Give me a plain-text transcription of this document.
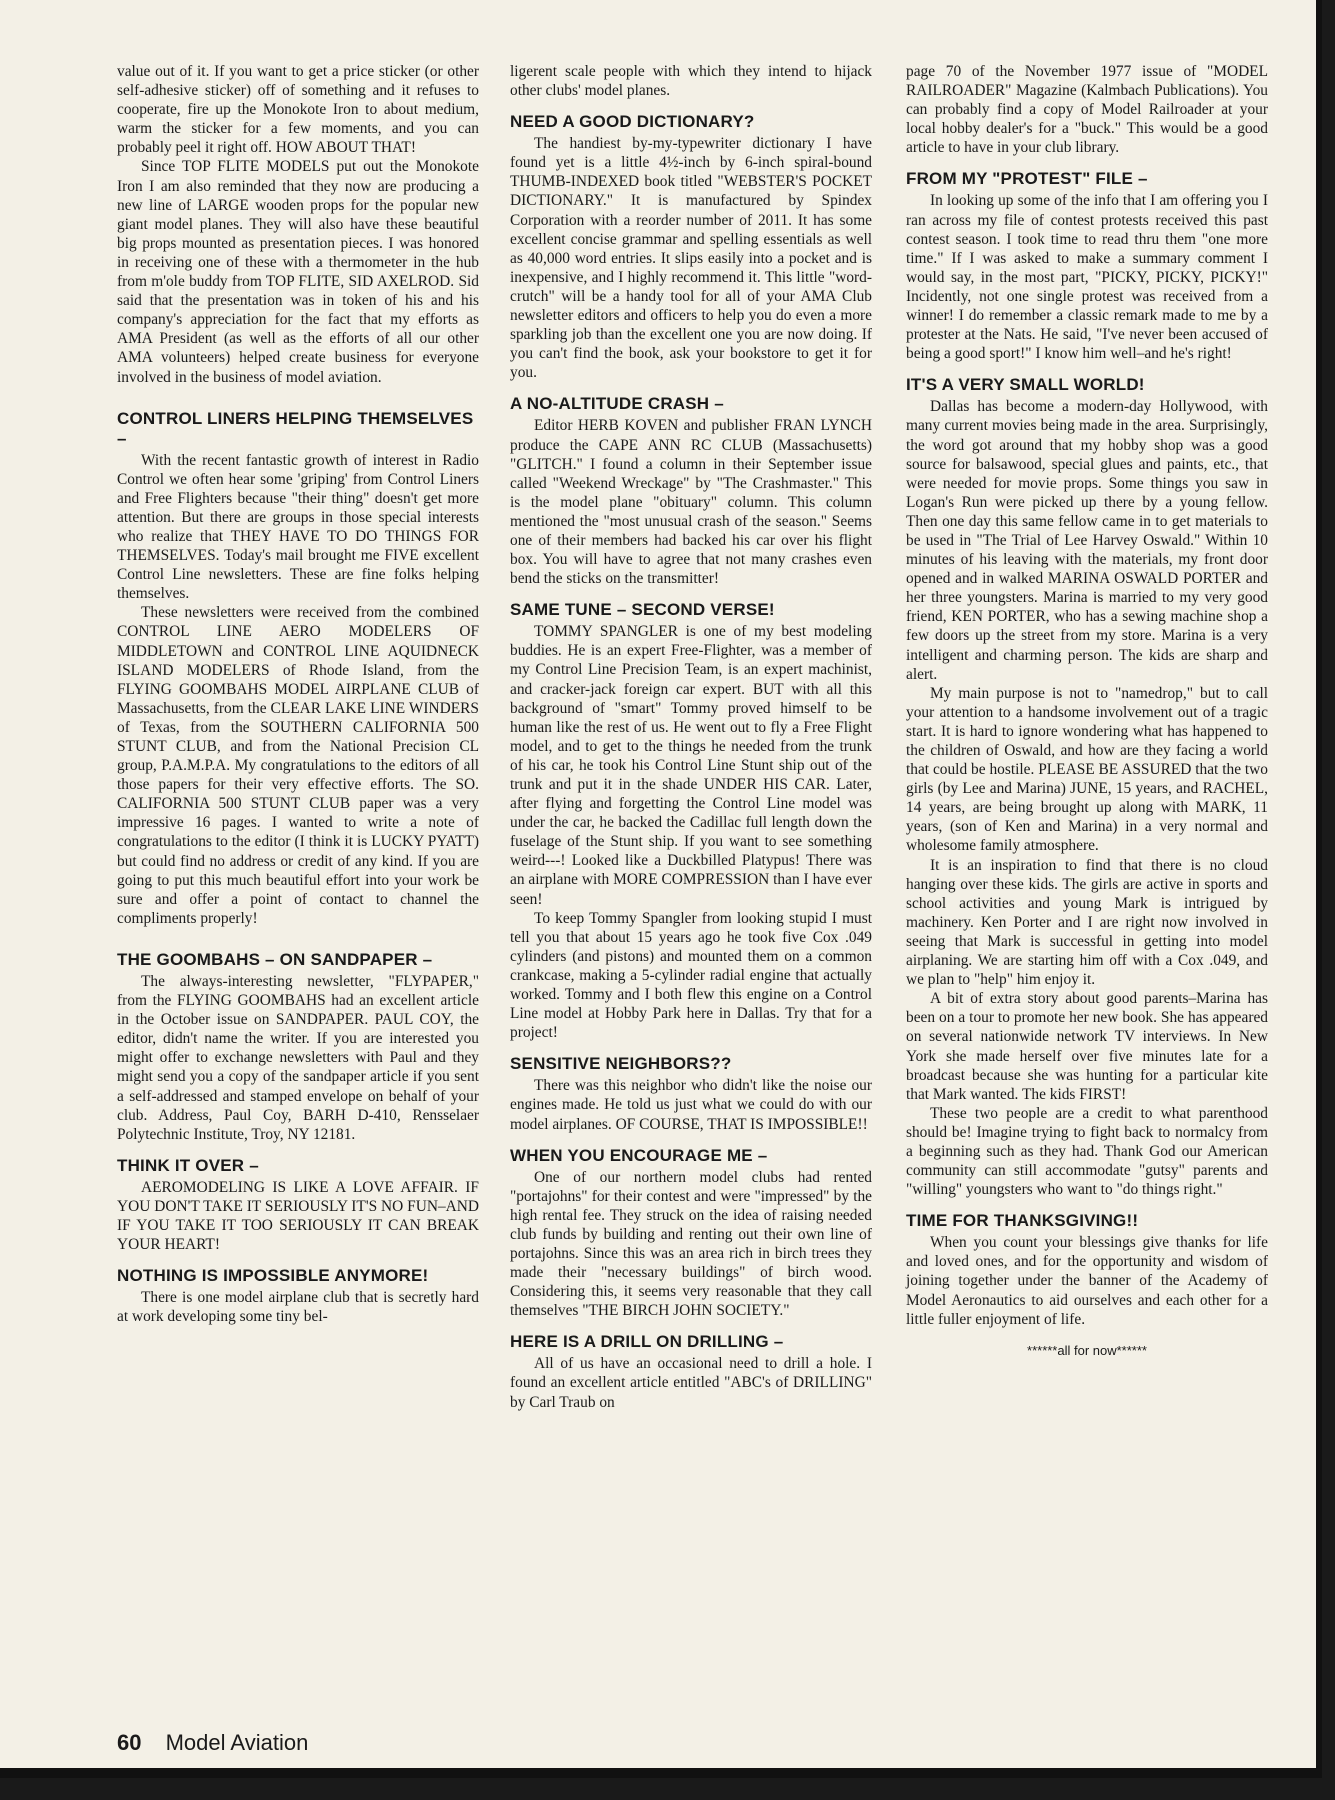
value out of it. If you want to get a price sticker (or other self-adhesive sticker) off of something and it refuses to cooperate, fire up the Monokote Iron to about medium, warm the sticker for a few moments, and you can probably peel it right off. HOW ABOUT THAT!

Since TOP FLITE MODELS put out the Monokote Iron I am also reminded that they now are producing a new line of LARGE wooden props for the popular new giant model planes. They will also have these beautiful big props mounted as presentation pieces. I was honored in receiving one of these with a thermometer in the hub from m'ole buddy from TOP FLITE, SID AXELROD. Sid said that the presentation was in token of his and his company's appreciation for the fact that my efforts as AMA President (as well as the efforts of all our other AMA volunteers) helped create business for everyone involved in the business of model aviation.

CONTROL LINERS HELPING THEMSELVES –

With the recent fantastic growth of interest in Radio Control we often hear some 'griping' from Control Liners and Free Flighters because "their thing" doesn't get more attention. But there are groups in those special interests who realize that THEY HAVE TO DO THINGS FOR THEMSELVES. Today's mail brought me FIVE excellent Control Line newsletters. These are fine folks helping themselves.

These newsletters were received from the combined CONTROL LINE AERO MODELERS OF MIDDLETOWN and CONTROL LINE AQUIDNECK ISLAND MODELERS of Rhode Island, from the FLYING GOOMBAHS MODEL AIRPLANE CLUB of Massachusetts, from the CLEAR LAKE LINE WINDERS of Texas, from the SOUTHERN CALIFORNIA 500 STUNT CLUB, and from the National Precision CL group, P.A.M.P.A. My congratulations to the editors of all those papers for their very effective efforts. The SO. CALIFORNIA 500 STUNT CLUB paper was a very impressive 16 pages. I wanted to write a note of congratulations to the editor (I think it is LUCKY PYATT) but could find no address or credit of any kind. If you are going to put this much beautiful effort into your work be sure and offer a point of contact to channel the compliments properly!

THE GOOMBAHS – ON SANDPAPER –

The always-interesting newsletter, "FLYPAPER," from the FLYING GOOMBAHS had an excellent article in the October issue on SANDPAPER. PAUL COY, the editor, didn't name the writer. If you are interested you might offer to exchange newsletters with Paul and they might send you a copy of the sandpaper article if you sent a self-addressed and stamped envelope on behalf of your club. Address, Paul Coy, BARH D-410, Rensselaer Polytechnic Institute, Troy, NY 12181.

THINK IT OVER –

AEROMODELING IS LIKE A LOVE AFFAIR. IF YOU DON'T TAKE IT SERIOUSLY IT'S NO FUN–AND IF YOU TAKE IT TOO SERIOUSLY IT CAN BREAK YOUR HEART!

NOTHING IS IMPOSSIBLE ANYMORE!

There is one model airplane club that is secretly hard at work developing some tiny bel-

ligerent scale people with which they intend to hijack other clubs' model planes.

NEED A GOOD DICTIONARY?

The handiest by-my-typewriter dictionary I have found yet is a little 4½-inch by 6-inch spiral-bound THUMB-INDEXED book titled "WEBSTER'S POCKET DICTIONARY." It is manufactured by Spindex Corporation with a reorder number of 2011. It has some excellent concise grammar and spelling essentials as well as 40,000 word entries. It slips easily into a pocket and is inexpensive, and I highly recommend it. This little "word-crutch" will be a handy tool for all of your AMA Club newsletter editors and officers to help you do even a more sparkling job than the excellent one you are now doing. If you can't find the book, ask your bookstore to get it for you.

A NO-ALTITUDE CRASH –

Editor HERB KOVEN and publisher FRAN LYNCH produce the CAPE ANN RC CLUB (Massachusetts) "GLITCH." I found a column in their September issue called "Weekend Wreckage" by "The Crashmaster." This is the model plane "obituary" column. This column mentioned the "most unusual crash of the season." Seems one of their members had backed his car over his flight box. You will have to agree that not many crashes even bend the sticks on the transmitter!

SAME TUNE – SECOND VERSE!

TOMMY SPANGLER is one of my best modeling buddies. He is an expert Free-Flighter, was a member of my Control Line Precision Team, is an expert machinist, and cracker-jack foreign car expert. BUT with all this background of "smart" Tommy proved himself to be human like the rest of us. He went out to fly a Free Flight model, and to get to the things he needed from the trunk of his car, he took his Control Line Stunt ship out of the trunk and put it in the shade UNDER HIS CAR. Later, after flying and forgetting the Control Line model was under the car, he backed the Cadillac full length down the fuselage of the Stunt ship. If you want to see something weird---! Looked like a Duckbilled Platypus! There was an airplane with MORE COMPRESSION than I have ever seen!

To keep Tommy Spangler from looking stupid I must tell you that about 15 years ago he took five Cox .049 cylinders (and pistons) and mounted them on a common crankcase, making a 5-cylinder radial engine that actually worked. Tommy and I both flew this engine on a Control Line model at Hobby Park here in Dallas. Try that for a project!

SENSITIVE NEIGHBORS??

There was this neighbor who didn't like the noise our engines made. He told us just what we could do with our model airplanes. OF COURSE, THAT IS IMPOSSIBLE!!

WHEN YOU ENCOURAGE ME –

One of our northern model clubs had rented "portajohns" for their contest and were "impressed" by the high rental fee. They struck on the idea of raising needed club funds by building and renting out their own line of portajohns. Since this was an area rich in birch trees they made their "necessary buildings" of birch wood. Considering this, it seems very reasonable that they call themselves "THE BIRCH JOHN SOCIETY."

HERE IS A DRILL ON DRILLING –

All of us have an occasional need to drill a hole. I found an excellent article entitled "ABC's of DRILLING" by Carl Traub on

page 70 of the November 1977 issue of "MODEL RAILROADER" Magazine (Kalmbach Publications). You can probably find a copy of Model Railroader at your local hobby dealer's for a "buck." This would be a good article to have in your club library.

FROM MY "PROTEST" FILE –

In looking up some of the info that I am offering you I ran across my file of contest protests received this past contest season. I took time to read thru them "one more time." If I was asked to make a summary comment I would say, in the most part, "PICKY, PICKY, PICKY!" Incidently, not one single protest was received from a winner! I do remember a classic remark made to me by a protester at the Nats. He said, "I've never been accused of being a good sport!" I know him well–and he's right!

IT'S A VERY SMALL WORLD!

Dallas has become a modern-day Hollywood, with many current movies being made in the area. Surprisingly, the word got around that my hobby shop was a good source for balsawood, special glues and paints, etc., that were needed for movie props. Some things you saw in Logan's Run were picked up there by a young fellow. Then one day this same fellow came in to get materials to be used in "The Trial of Lee Harvey Oswald." Within 10 minutes of his leaving with the materials, my front door opened and in walked MARINA OSWALD PORTER and her three youngsters. Marina is married to my very good friend, KEN PORTER, who has a sewing machine shop a few doors up the street from my store. Marina is a very intelligent and charming person. The kids are sharp and alert.

My main purpose is not to "namedrop," but to call your attention to a handsome involvement out of a tragic start. It is hard to ignore wondering what has happened to the children of Oswald, and how are they facing a world that could be hostile. PLEASE BE ASSURED that the two girls (by Lee and Marina) JUNE, 15 years, and RACHEL, 14 years, are being brought up along with MARK, 11 years, (son of Ken and Marina) in a very normal and wholesome family atmosphere.

It is an inspiration to find that there is no cloud hanging over these kids. The girls are active in sports and school activities and young Mark is intrigued by machinery. Ken Porter and I are right now involved in seeing that Mark is successful in getting into model airplaning. We are starting him off with a Cox .049, and we plan to "help" him enjoy it.

A bit of extra story about good parents–Marina has been on a tour to promote her new book. She has appeared on several nationwide network TV interviews. In New York she made herself over five minutes late for a broadcast because she was hunting for a particular kite that Mark wanted. The kids FIRST!

These two people are a credit to what parenthood should be! Imagine trying to fight back to normalcy from a beginning such as they had. Thank God our American community can still accommodate "gutsy" parents and "willing" youngsters who want to "do things right."

TIME FOR THANKSGIVING!!

When you count your blessings give thanks for life and loved ones, and for the opportunity and wisdom of joining together under the banner of the Academy of Model Aeronautics to aid ourselves and each other for a little fuller enjoyment of life.

******all for now******
60 Model Aviation
